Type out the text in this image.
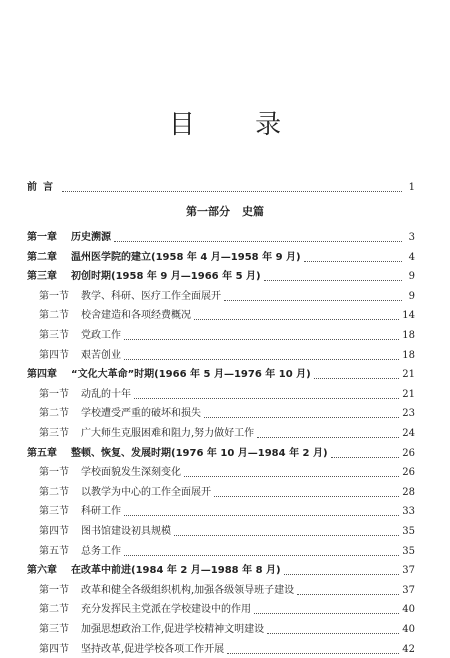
目 录
前言	1
第一部分 史篇
第一章 历史溯源	3
第二章 温州医学院的建立(1958 年 4 月—1958 年 9 月)	4
第三章 初创时期(1958 年 9 月—1966 年 5 月)	9
第一节 教学、科研、医疗工作全面展开	9
第二节 校舍建造和各项经费概况	14
第三节 党政工作	18
第四节 艰苦创业	18
第四章 “文化大革命”时期(1966 年 5 月—1976 年 10 月)	21
第一节 动乱的十年	21
第二节 学校遭受严重的破坏和损失	23
第三节 广大师生克服困难和阻力,努力做好工作	24
第五章 整顿、恢复、发展时期(1976 年 10 月—1984 年 2 月)	26
第一节 学校面貌发生深刻变化	26
第二节 以教学为中心的工作全面展开	28
第三节 科研工作	33
第四节 图书馆建设初具规模	35
第五节 总务工作	35
第六章 在改革中前进(1984 年 2 月—1988 年 8 月)	37
第一节 改革和健全各级组织机构,加强各级领导班子建设	37
第二节 充分发挥民主党派在学校建设中的作用	40
第三节 加强思想政治工作,促进学校精神文明建设	40
第四节 坚持改革,促进学校各项工作开展	42
